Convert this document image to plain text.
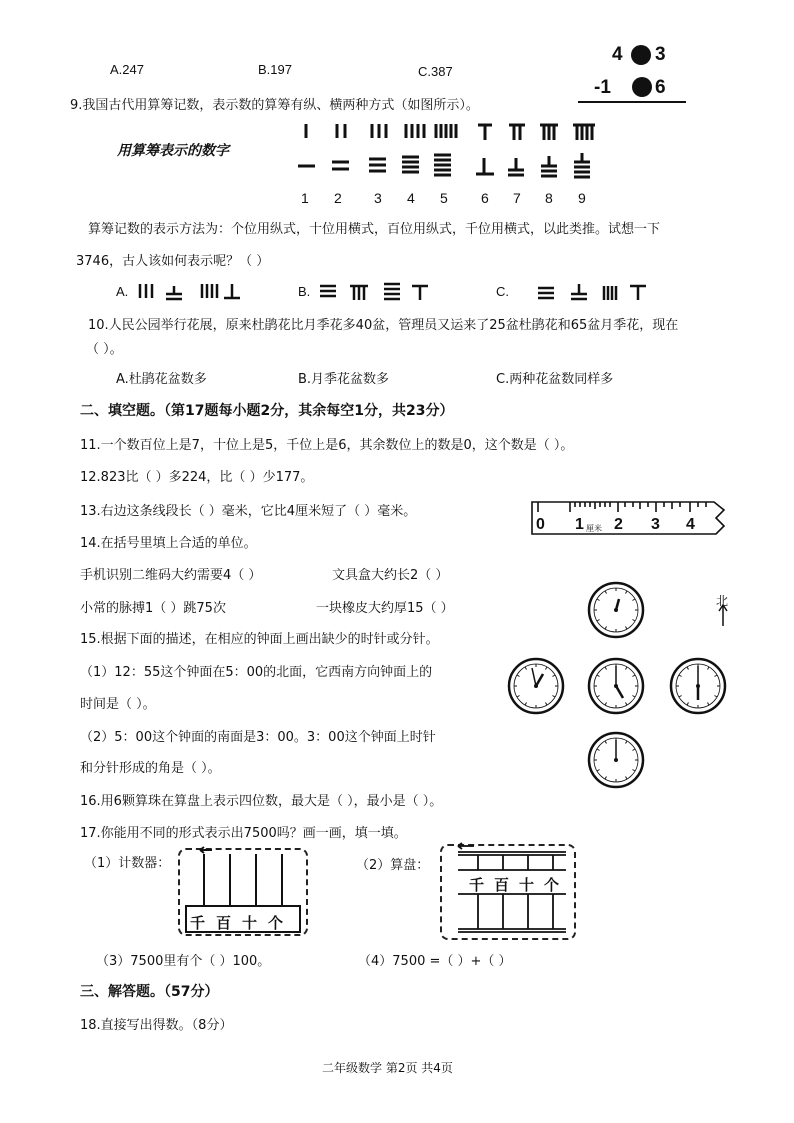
A.247	B.197	C.387
4 3
-1 6
9.我国古代用算筹记数，表示数的算筹有纵、横两种方式（如图所示）。
用算筹表示的数字
1 2 3 4 5 6 7 8 9
算筹记数的表示方法为：个位用纵式，十位用横式，百位用纵式，千位用横式，以此类推。试想一下
3746，古人该如何表示呢？（ ）
A.	B.	C.
10.人民公园举行花展，原来杜鹃花比月季花多40盆，管理员又运来了25盆杜鹃花和65盆月季花，现在
（ ）。
A.杜鹃花盆数多	B.月季花盆数多	C.两种花盆数同样多
二、填空题。（第17题每小题2分，其余每空1分，共23分）
11.一个数百位上是7，十位上是5，千位上是6，其余数位上的数是0，这个数是（ ）。
12.823比（ ）多224，比（ ）少177。
13.右边这条线段长（ ）毫米，它比4厘米短了（ ）毫米。
0 1 厘米 2 3 4
14.在括号里填上合适的单位。
手机识别二维码大约需要4（ ）	文具盒大约长2（ ）
小常的脉搏1（ ）跳75次	一块橡皮大约厚15（ ）
15.根据下面的描述，在相应的钟面上画出缺少的时针或分针。
（1）12：55这个钟面在5：00的北面，它西南方向钟面上的
时间是（ ）。
（2）5：00这个钟面的南面是3：00。3：00这个钟面上时针
和分针形成的角是（ ）。
北
16.用6颗算珠在算盘上表示四位数，最大是（ ），最小是（ ）。
17.你能用不同的形式表示出7500吗？画一画，填一填。
（1）计数器：	（2）算盘：
千 百 十 个
千 百 十 个
（3）7500里有个（ ）100。	（4）7500 =（ ）+（ ）
三、解答题。（57分）
18.直接写出得数。（8分）
二年级数学 第2页 共4页
